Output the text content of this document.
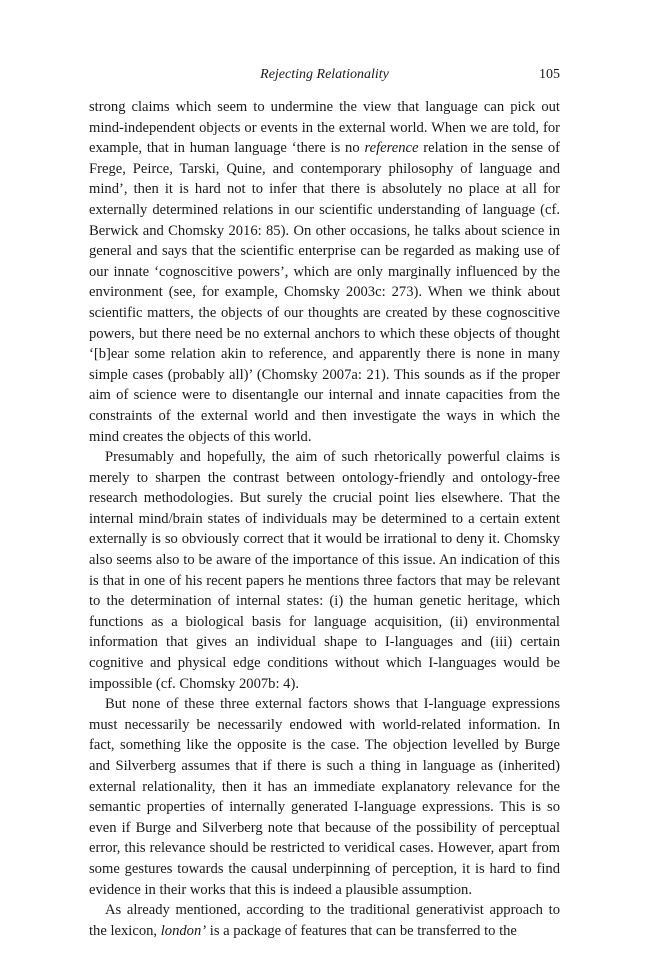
Rejecting Relationality	105

strong claims which seem to undermine the view that language can pick out mind-independent objects or events in the external world. When we are told, for example, that in human language ‘there is no reference relation in the sense of Frege, Peirce, Tarski, Quine, and contemporary philosophy of language and mind’, then it is hard not to infer that there is absolutely no place at all for externally determined relations in our scientific understanding of language (cf. Berwick and Chomsky 2016: 85). On other occasions, he talks about science in general and says that the scientific enterprise can be regarded as making use of our innate ‘cognoscitive powers’, which are only marginally influenced by the environment (see, for example, Chomsky 2003c: 273). When we think about scientific matters, the objects of our thoughts are created by these cognoscitive powers, but there need be no external anchors to which these objects of thought ‘[b]ear some relation akin to reference, and apparently there is none in many simple cases (probably all)’ (Chomsky 2007a: 21). This sounds as if the proper aim of science were to disentangle our internal and innate capacities from the constraints of the external world and then investigate the ways in which the mind creates the objects of this world.

Presumably and hopefully, the aim of such rhetorically powerful claims is merely to sharpen the contrast between ontology-friendly and ontology-free research methodologies. But surely the crucial point lies elsewhere. That the internal mind/brain states of individuals may be determined to a certain extent externally is so obviously correct that it would be irrational to deny it. Chomsky also seems also to be aware of the importance of this issue. An indication of this is that in one of his recent papers he mentions three factors that may be relevant to the determination of internal states: (i) the human genetic heritage, which functions as a biological basis for language acquisition, (ii) environmental information that gives an individual shape to I-languages and (iii) certain cognitive and physical edge conditions without which I-languages would be impossible (cf. Chomsky 2007b: 4).

But none of these three external factors shows that I-language expressions must necessarily be necessarily endowed with world-related information. In fact, something like the opposite is the case. The objection levelled by Burge and Silverberg assumes that if there is such a thing in language as (inherited) external relationality, then it has an immediate explanatory relevance for the semantic properties of internally generated I-language expressions. This is so even if Burge and Silverberg note that because of the possibility of perceptual error, this relevance should be restricted to veridical cases. However, apart from some gestures towards the causal underpinning of perception, it is hard to find evidence in their works that this is indeed a plausible assumption.

As already mentioned, according to the traditional generativist approach to the lexicon, london’ is a package of features that can be transferred to the
